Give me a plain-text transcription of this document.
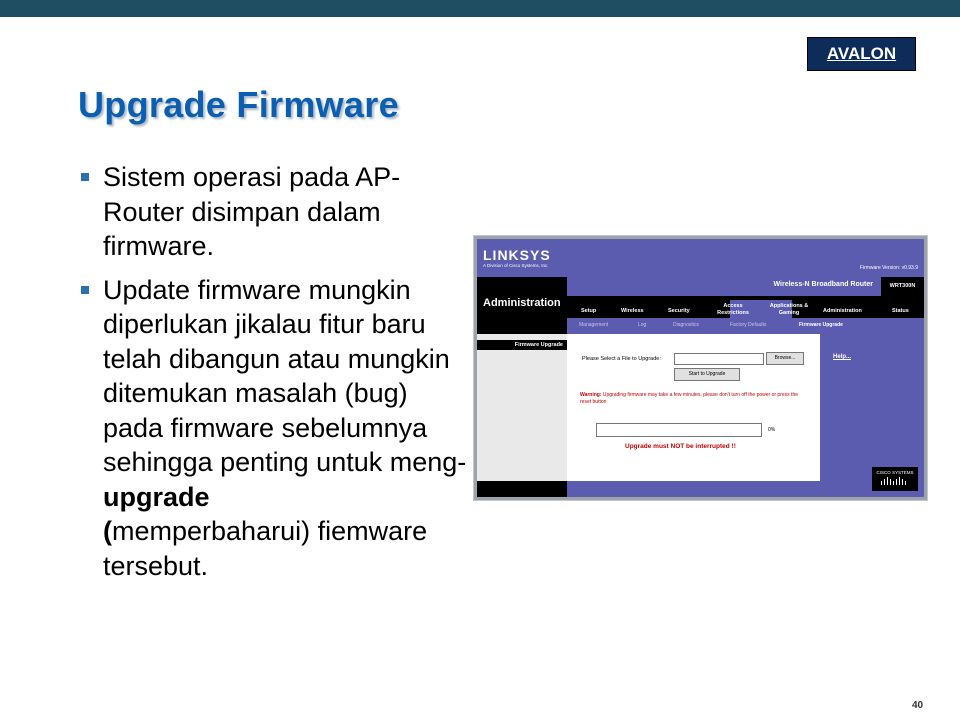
AVALON
Upgrade Firmware
Sistem operasi pada AP-Router disimpan dalam firmware.
Update firmware mungkin diperlukan jikalau fitur baru telah dibangun atau mungkin ditemukan masalah (bug) pada firmware sebelumnya sehingga penting untuk meng-upgrade
(memperbaharui) fiemware tersebut.
LINKSYS
A Division of Cisco Systems, Inc.	Firmware Version: v0.93.9
Administration
Wireless-N Broadband Router	WRT300N
Setup	Wireless	Security
Access Restrictions
Applications & Gaming	Administration	Status
Management	Log	Diagnostics	Factory Defaults	Firmware Upgrade
Firmware Upgrade
Help...
Please Select a File to Upgrade:	Browse...
Start to Upgrade
Warning: Upgrading firmware may take a few minutes, please don't turn off the power or press the reset button
0%
Upgrade must NOT be interrupted !!
CISCO SYSTEMS
40
